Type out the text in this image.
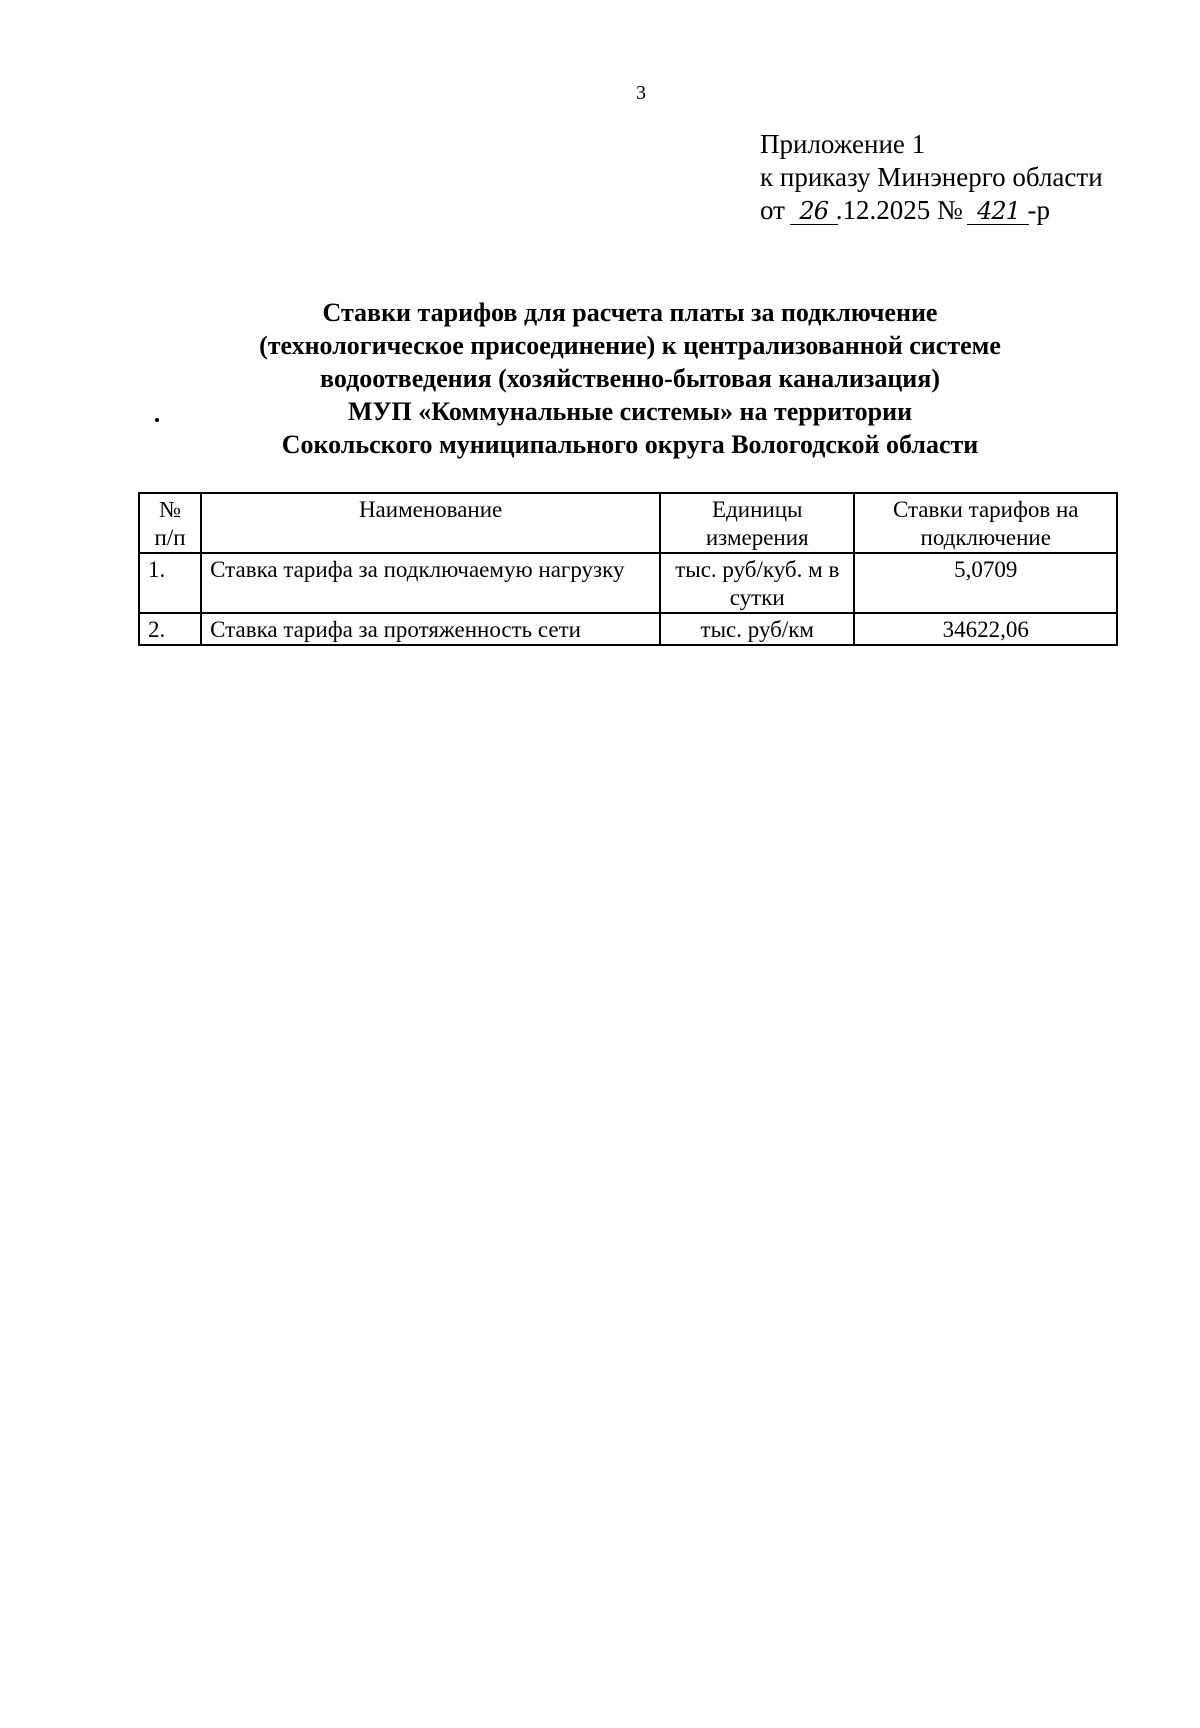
3
Приложение 1
к приказу Минэнерго области
от 26 .12.2025 № 421 -р
Ставки тарифов для расчета платы за подключение
(технологическое присоединение) к централизованной системе
водоотведения (хозяйственно-бытовая канализация)
МУП «Коммунальные системы» на территории
Сокольского муниципального округа Вологодской области
№ п/п	Наименование	Единицы измерения	Ставки тарифов на подключение
1.	Ставка тарифа за подключаемую нагрузку	тыс. руб/куб. м в сутки	5,0709
2.	Ставка тарифа за протяженность сети	тыс. руб/км	34622,06
